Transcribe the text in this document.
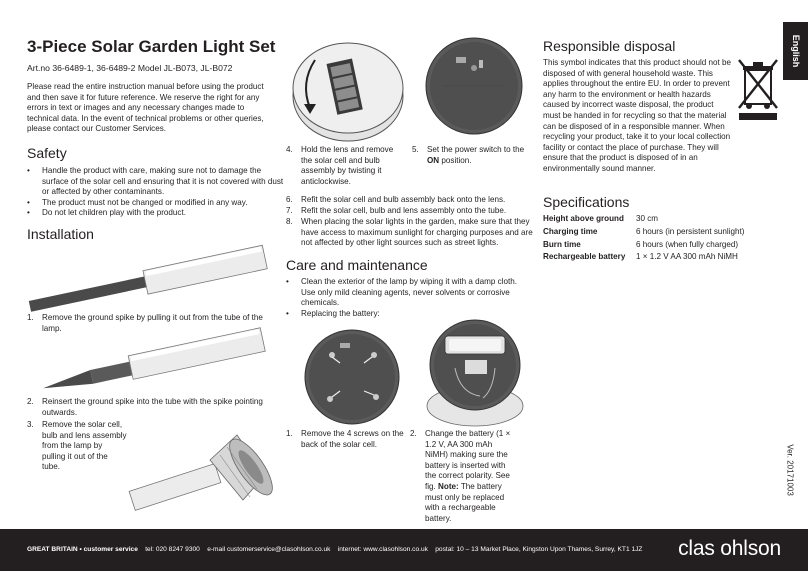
English
3-Piece Solar Garden Light Set
Art.no 36-6489-1, 36-6489-2 Model JL-B073, JL-B072

Please read the entire instruction manual before using the product and then save it for future reference. We reserve the right for any errors in text or images and any necessary changes made to technical data. In the event of technical problems or other queries, please contact our Customer Services.

Safety
• Handle the product with care, making sure not to damage the surface of the solar cell and ensuring that it is not covered with dust or affected by other contaminants.
• The product must not be changed or modified in any way.
• Do not let children play with the product.
Installation
1.	Remove the ground spike by pulling it out from the tube of the lamp.
2.	Reinsert the ground spike into the tube with the spike pointing outwards.
3.	Remove the solar cell, bulb and lens assembly from the lamp by pulling it out of the tube.
4.	Hold the lens and remove the solar cell and bulb assembly by twisting it anticlockwise.
5.	Set the power switch to the ON position.
6.	Refit the solar cell and bulb assembly back onto the lens.
7.	Refit the solar cell, bulb and lens assembly onto the tube.
8.	When placing the solar lights in the garden, make sure that they have access to maximum sunlight for charging purposes and are not affected by other light sources such as street lights.
Care and maintenance
• Clean the exterior of the lamp by wiping it with a damp cloth. Use only mild cleaning agents, never solvents or corrosive chemicals.
• Replacing the battery:
1.	Remove the 4 screws on the back of the solar cell.
2.	Change the battery (1 × 1.2 V, AA 300 mAh NiMH) making sure the battery is inserted with the correct polarity. See fig. Note: The battery must only be replaced with a rechargeable battery.
Responsible disposal

This symbol indicates that this product should not be disposed of with general household waste. This applies throughout the entire EU. In order to prevent any harm to the environment or health hazards caused by incorrect waste disposal, the product must be handed in for recycling so that the material can be disposed of in a responsible manner. When recycling your product, take it to your local collection facility or contact the place of purchase. They will ensure that the product is disposed of in an environmentally sound manner.

Specifications
Height above ground	30 cm
Charging time	6 hours (in persistent sunlight)
Burn time	6 hours (when fully charged)
Rechargeable battery	1 × 1.2 V AA 300 mAh NiMH
Ver. 20171003
GREAT BRITAIN • customer service tel: 020 8247 9300 e-mail customerservice@clasohlson.co.uk internet: www.clasohlson.co.uk postal: 10 – 13 Market Place, Kingston Upon Thames, Surrey, KT1 1JZ clas ohlson
